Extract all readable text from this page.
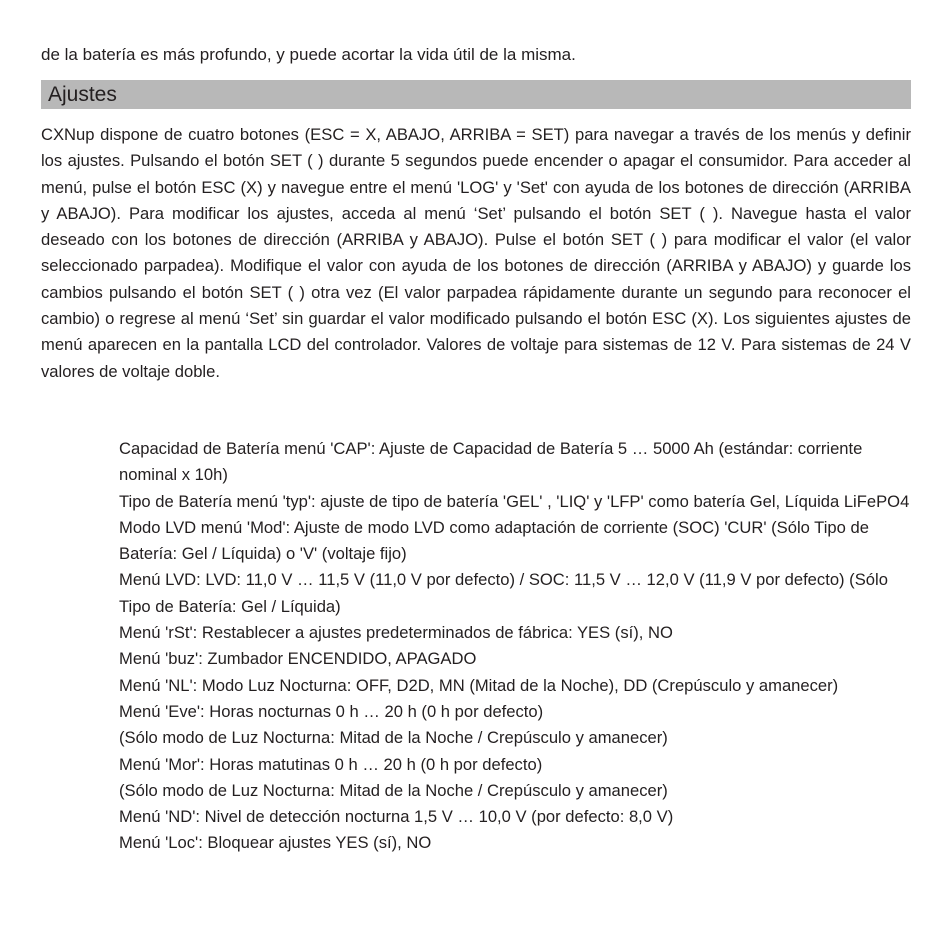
de la batería es más profundo, y puede acortar la vida útil de la misma.
Ajustes

CXNup dispone de cuatro botones (ESC = X, ABAJO, ARRIBA = SET) para navegar a través de los menús y definir los ajustes. Pulsando el botón SET ( ) durante 5 segundos puede encender o apagar el consumidor. Para acceder al menú, pulse el botón ESC (X) y navegue entre el menú 'LOG' y 'Set' con ayuda de los botones de dirección (ARRIBA y ABAJO). Para modificar los ajustes, acceda al menú ‘Set’ pulsando el botón SET ( ). Navegue hasta el valor deseado con los botones de dirección (ARRIBA y ABAJO). Pulse el botón SET ( ) para modificar el valor (el valor seleccionado parpadea). Modifique el valor con ayuda de los botones de dirección (ARRIBA y ABAJO) y guarde los cambios pulsando el botón SET ( ) otra vez (El valor parpadea rápidamente durante un segundo para reconocer el cambio) o regrese al menú ‘Set’ sin guardar el valor modificado pulsando el botón ESC (X). Los siguientes ajustes de menú aparecen en la pantalla LCD del controlador. Valores de voltaje para sistemas de 12 V. Para sistemas de 24 V valores de voltaje doble.

Capacidad de Batería menú 'CAP': Ajuste de Capacidad de Batería 5 … 5000 Ah (estándar: corriente nominal x 10h)
Tipo de Batería menú 'typ': ajuste de tipo de batería 'GEL' , 'LIQ' y 'LFP' como batería Gel, Líquida LiFePO4
Modo LVD menú 'Mod': Ajuste de modo LVD como adaptación de corriente (SOC) 'CUR' (Sólo Tipo de Batería: Gel / Líquida) o 'V' (voltaje fijo)
Menú LVD: LVD: 11,0 V … 11,5 V (11,0 V por defecto) / SOC: 11,5 V … 12,0 V (11,9 V por defecto) (Sólo Tipo de Batería: Gel / Líquida)
Menú 'rSt': Restablecer a ajustes predeterminados de fábrica: YES (sí), NO
Menú 'buz': Zumbador ENCENDIDO, APAGADO
Menú 'NL': Modo Luz Nocturna: OFF, D2D, MN (Mitad de la Noche), DD (Crepúsculo y amanecer)
Menú 'Eve': Horas nocturnas 0 h … 20 h (0 h por defecto)
(Sólo modo de Luz Nocturna: Mitad de la Noche / Crepúsculo y amanecer)
Menú 'Mor': Horas matutinas 0 h … 20 h (0 h por defecto)
(Sólo modo de Luz Nocturna: Mitad de la Noche / Crepúsculo y amanecer)
Menú 'ND': Nivel de detección nocturna 1,5 V … 10,0 V (por defecto: 8,0 V)
Menú 'Loc': Bloquear ajustes YES (sí), NO
